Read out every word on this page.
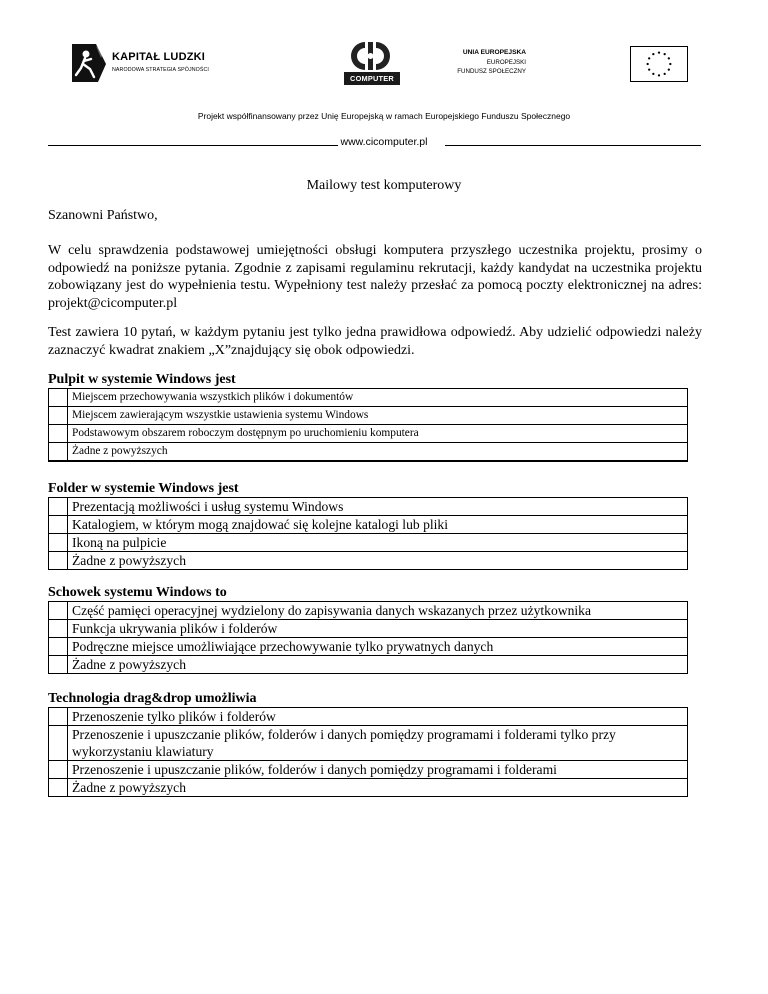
KAPITAŁ LUDZKI
NARODOWA STRATEGIA SPÓJNOŚCI
COMPUTER
UNIA EUROPEJSKA
EUROPEJSKI
FUNDUSZ SPOŁECZNY
Projekt współfinansowany przez Unię Europejską w ramach Europejskiego Funduszu Społecznego
www.cicomputer.pl
Mailowy test komputerowy
Szanowni Państwo,
W celu sprawdzenia podstawowej umiejętności obsługi komputera przyszłego uczestnika projektu, prosimy o odpowiedź na poniższe pytania. Zgodnie z zapisami regulaminu rekrutacji, każdy kandydat na uczestnika projektu zobowiązany jest do wypełnienia testu. Wypełniony test należy przesłać za pomocą poczty elektronicznej na adres: projekt@cicomputer.pl
Test zawiera 10 pytań, w każdym pytaniu jest tylko jedna prawidłowa odpowiedź. Aby udzielić odpowiedzi należy zaznaczyć kwadrat znakiem „X”znajdujący się obok odpowiedzi.
Pulpit w systemie Windows jest
	Miejscem przechowywania wszystkich plików i dokumentów
	Miejscem zawierającym wszystkie ustawienia systemu Windows
	Podstawowym obszarem roboczym dostępnym po uruchomieniu komputera
	Żadne z powyższych
Folder w systemie Windows jest
	Prezentacją możliwości i usług systemu Windows
	Katalogiem, w którym mogą znajdować się kolejne katalogi lub pliki
	Ikoną na pulpicie
	Żadne z powyższych
Schowek systemu Windows to
	Część pamięci operacyjnej wydzielony do zapisywania danych wskazanych przez użytkownika
	Funkcja ukrywania plików i folderów
	Podręczne miejsce umożliwiające przechowywanie tylko prywatnych danych
	Żadne z powyższych
Technologia drag&drop umożliwia
	Przenoszenie tylko plików i folderów
	Przenoszenie i upuszczanie plików, folderów i danych pomiędzy programami i folderami tylko przy wykorzystaniu klawiatury
	Przenoszenie i upuszczanie plików, folderów i danych pomiędzy programami i folderami
	Żadne z powyższych
